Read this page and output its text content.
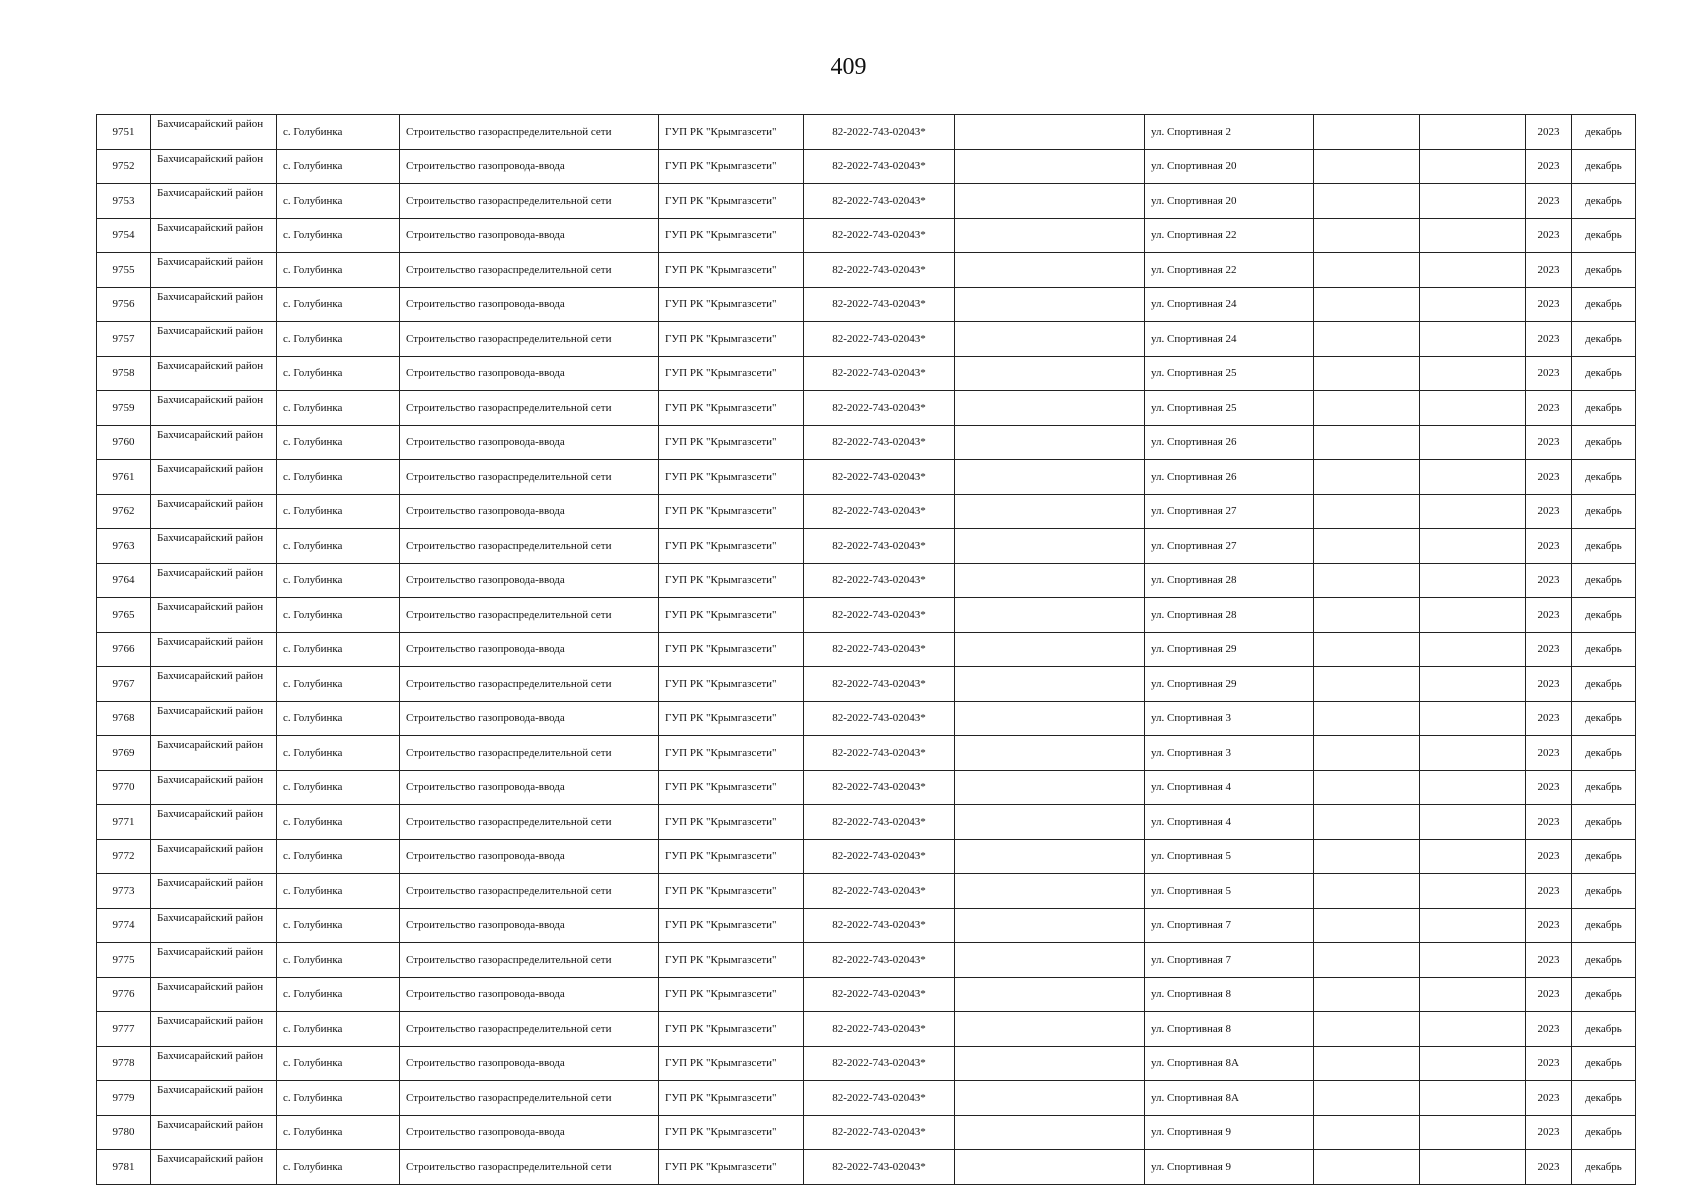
409
9751	Бахчисарайский район	с. Голубинка	Строительство газораспределительной сети	ГУП РК "Крымгазсети"	82-2022-743-02043*		ул. Спортивная 2			2023	декабрь
9752	Бахчисарайский район	с. Голубинка	Строительство газопровода-ввода	ГУП РК "Крымгазсети"	82-2022-743-02043*		ул. Спортивная 20			2023	декабрь
9753	Бахчисарайский район	с. Голубинка	Строительство газораспределительной сети	ГУП РК "Крымгазсети"	82-2022-743-02043*		ул. Спортивная 20			2023	декабрь
9754	Бахчисарайский район	с. Голубинка	Строительство газопровода-ввода	ГУП РК "Крымгазсети"	82-2022-743-02043*		ул. Спортивная 22			2023	декабрь
9755	Бахчисарайский район	с. Голубинка	Строительство газораспределительной сети	ГУП РК "Крымгазсети"	82-2022-743-02043*		ул. Спортивная 22			2023	декабрь
9756	Бахчисарайский район	с. Голубинка	Строительство газопровода-ввода	ГУП РК "Крымгазсети"	82-2022-743-02043*		ул. Спортивная 24			2023	декабрь
9757	Бахчисарайский район	с. Голубинка	Строительство газораспределительной сети	ГУП РК "Крымгазсети"	82-2022-743-02043*		ул. Спортивная 24			2023	декабрь
9758	Бахчисарайский район	с. Голубинка	Строительство газопровода-ввода	ГУП РК "Крымгазсети"	82-2022-743-02043*		ул. Спортивная 25			2023	декабрь
9759	Бахчисарайский район	с. Голубинка	Строительство газораспределительной сети	ГУП РК "Крымгазсети"	82-2022-743-02043*		ул. Спортивная 25			2023	декабрь
9760	Бахчисарайский район	с. Голубинка	Строительство газопровода-ввода	ГУП РК "Крымгазсети"	82-2022-743-02043*		ул. Спортивная 26			2023	декабрь
9761	Бахчисарайский район	с. Голубинка	Строительство газораспределительной сети	ГУП РК "Крымгазсети"	82-2022-743-02043*		ул. Спортивная 26			2023	декабрь
9762	Бахчисарайский район	с. Голубинка	Строительство газопровода-ввода	ГУП РК "Крымгазсети"	82-2022-743-02043*		ул. Спортивная 27			2023	декабрь
9763	Бахчисарайский район	с. Голубинка	Строительство газораспределительной сети	ГУП РК "Крымгазсети"	82-2022-743-02043*		ул. Спортивная 27			2023	декабрь
9764	Бахчисарайский район	с. Голубинка	Строительство газопровода-ввода	ГУП РК "Крымгазсети"	82-2022-743-02043*		ул. Спортивная 28			2023	декабрь
9765	Бахчисарайский район	с. Голубинка	Строительство газораспределительной сети	ГУП РК "Крымгазсети"	82-2022-743-02043*		ул. Спортивная 28			2023	декабрь
9766	Бахчисарайский район	с. Голубинка	Строительство газопровода-ввода	ГУП РК "Крымгазсети"	82-2022-743-02043*		ул. Спортивная 29			2023	декабрь
9767	Бахчисарайский район	с. Голубинка	Строительство газораспределительной сети	ГУП РК "Крымгазсети"	82-2022-743-02043*		ул. Спортивная 29			2023	декабрь
9768	Бахчисарайский район	с. Голубинка	Строительство газопровода-ввода	ГУП РК "Крымгазсети"	82-2022-743-02043*		ул. Спортивная 3			2023	декабрь
9769	Бахчисарайский район	с. Голубинка	Строительство газораспределительной сети	ГУП РК "Крымгазсети"	82-2022-743-02043*		ул. Спортивная 3			2023	декабрь
9770	Бахчисарайский район	с. Голубинка	Строительство газопровода-ввода	ГУП РК "Крымгазсети"	82-2022-743-02043*		ул. Спортивная 4			2023	декабрь
9771	Бахчисарайский район	с. Голубинка	Строительство газораспределительной сети	ГУП РК "Крымгазсети"	82-2022-743-02043*		ул. Спортивная 4			2023	декабрь
9772	Бахчисарайский район	с. Голубинка	Строительство газопровода-ввода	ГУП РК "Крымгазсети"	82-2022-743-02043*		ул. Спортивная 5			2023	декабрь
9773	Бахчисарайский район	с. Голубинка	Строительство газораспределительной сети	ГУП РК "Крымгазсети"	82-2022-743-02043*		ул. Спортивная 5			2023	декабрь
9774	Бахчисарайский район	с. Голубинка	Строительство газопровода-ввода	ГУП РК "Крымгазсети"	82-2022-743-02043*		ул. Спортивная 7			2023	декабрь
9775	Бахчисарайский район	с. Голубинка	Строительство газораспределительной сети	ГУП РК "Крымгазсети"	82-2022-743-02043*		ул. Спортивная 7			2023	декабрь
9776	Бахчисарайский район	с. Голубинка	Строительство газопровода-ввода	ГУП РК "Крымгазсети"	82-2022-743-02043*		ул. Спортивная 8			2023	декабрь
9777	Бахчисарайский район	с. Голубинка	Строительство газораспределительной сети	ГУП РК "Крымгазсети"	82-2022-743-02043*		ул. Спортивная 8			2023	декабрь
9778	Бахчисарайский район	с. Голубинка	Строительство газопровода-ввода	ГУП РК "Крымгазсети"	82-2022-743-02043*		ул. Спортивная 8А			2023	декабрь
9779	Бахчисарайский район	с. Голубинка	Строительство газораспределительной сети	ГУП РК "Крымгазсети"	82-2022-743-02043*		ул. Спортивная 8А			2023	декабрь
9780	Бахчисарайский район	с. Голубинка	Строительство газопровода-ввода	ГУП РК "Крымгазсети"	82-2022-743-02043*		ул. Спортивная 9			2023	декабрь
9781	Бахчисарайский район	с. Голубинка	Строительство газораспределительной сети	ГУП РК "Крымгазсети"	82-2022-743-02043*		ул. Спортивная 9			2023	декабрь
